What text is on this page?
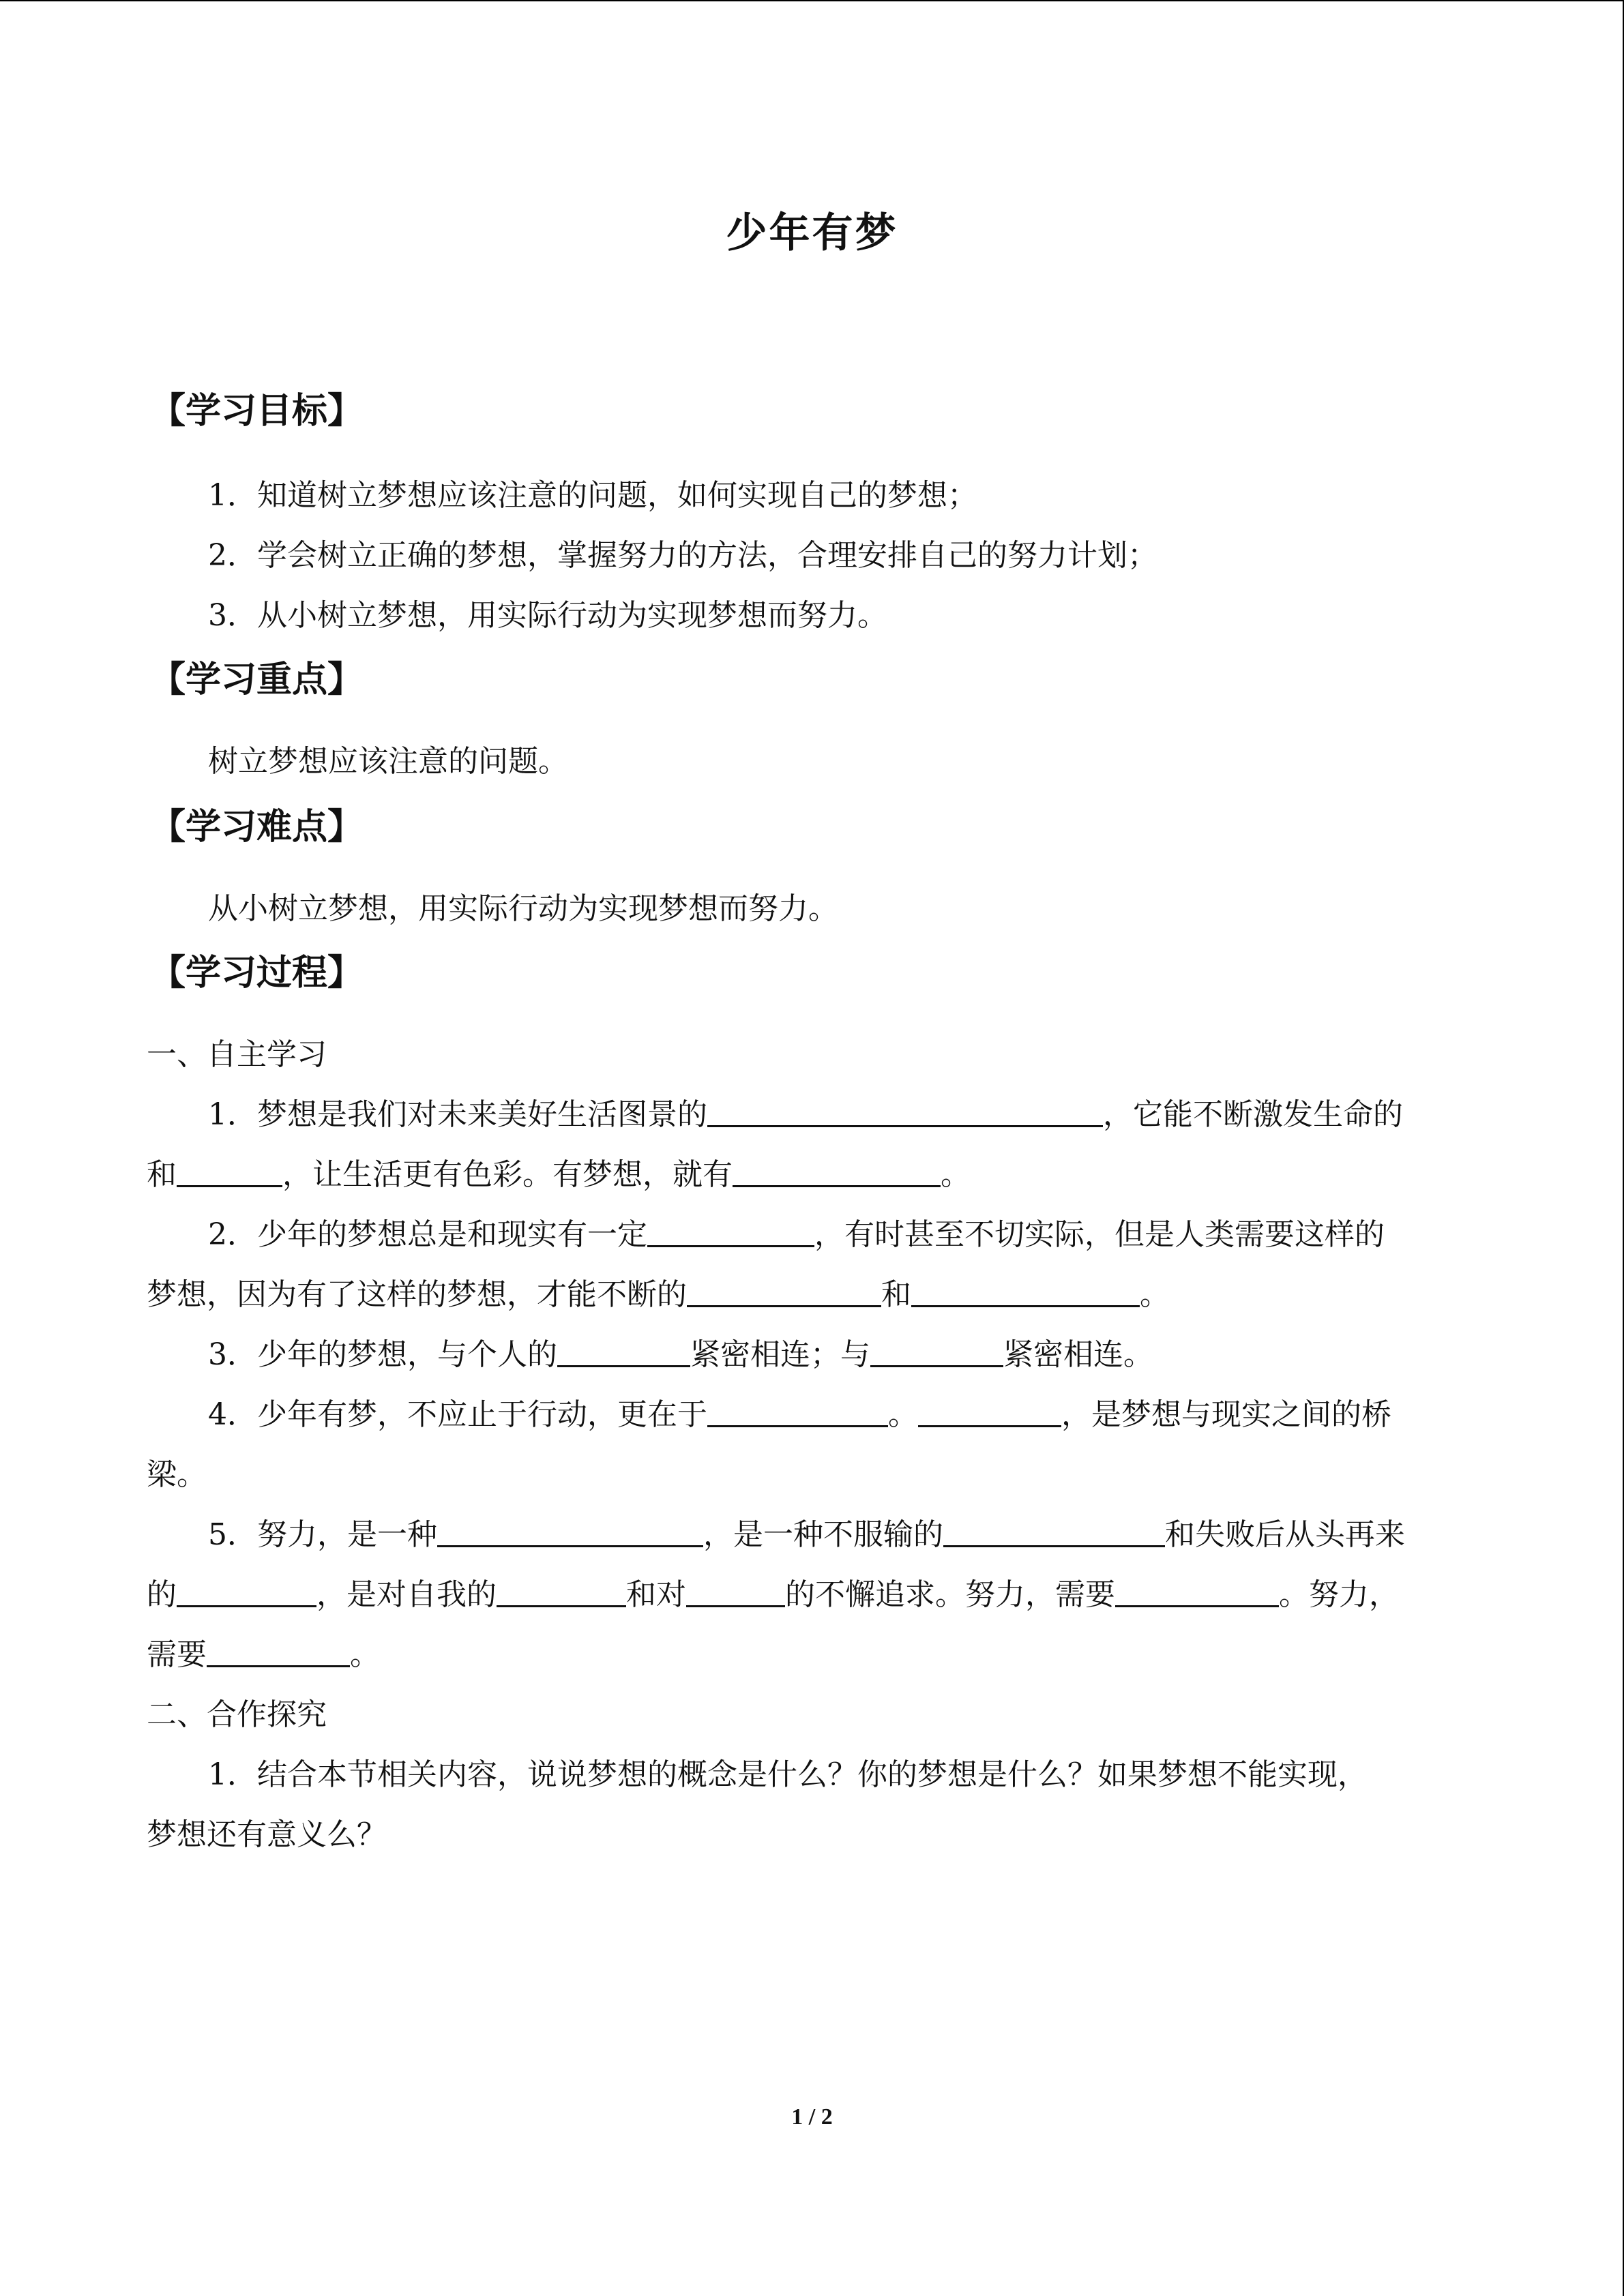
少年有梦
【学习目标】
1．知道树立梦想应该注意的问题，如何实现自己的梦想；
2．学会树立正确的梦想，掌握努力的方法，合理安排自己的努力计划；
3．从小树立梦想，用实际行动为实现梦想而努力。
【学习重点】
树立梦想应该注意的问题。
【学习难点】
从小树立梦想，用实际行动为实现梦想而努力。
【学习过程】
一、自主学习
1．梦想是我们对未来美好生活图景的	，它能不断激发生命的
和	，让生活更有色彩。有梦想，就有	。
2．少年的梦想总是和现实有一定	，有时甚至不切实际，但是人类需要这样的
梦想，因为有了这样的梦想，才能不断的	和	。
3．少年的梦想，与个人的	紧密相连；与	紧密相连。
4．少年有梦，不应止于行动，更在于	。	，是梦想与现实之间的桥
梁。
5．努力，是一种	，是一种不服输的	和失败后从头再来
的	，是对自我的	和对	的不懈追求。努力，需要	。努力，
需要	。
二、合作探究
1．结合本节相关内容，说说梦想的概念是什么？你的梦想是什么？如果梦想不能实现，
梦想还有意义么？
1 / 2
